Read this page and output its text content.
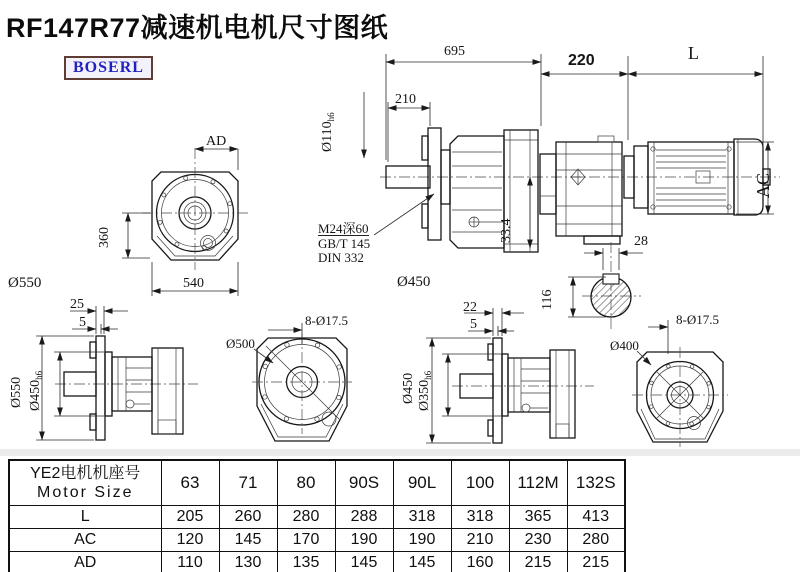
RF147R77减速机电机尺寸图纸
BOSERL
695
220	L
210
$Ø110_{h6}$
33.4
M24深60
GB/T 145
DIN 332
Ø450
AC
28
116
AD
360
540
Ø550
25
5
Ø550 $Ø450_{h6}$
8-Ø17.5
Ø500
22
5
Ø450 $Ø350_{h6}$
8-Ø17.5
Ø400
YE2电机机座号
Motor Size	63	71	80	90S	90L	100	112M	132S
L	205	260	280	288	318	318	365	413
AC	120	145	170	190	190	210	230	280
AD	110	130	135	145	145	160	215	215
